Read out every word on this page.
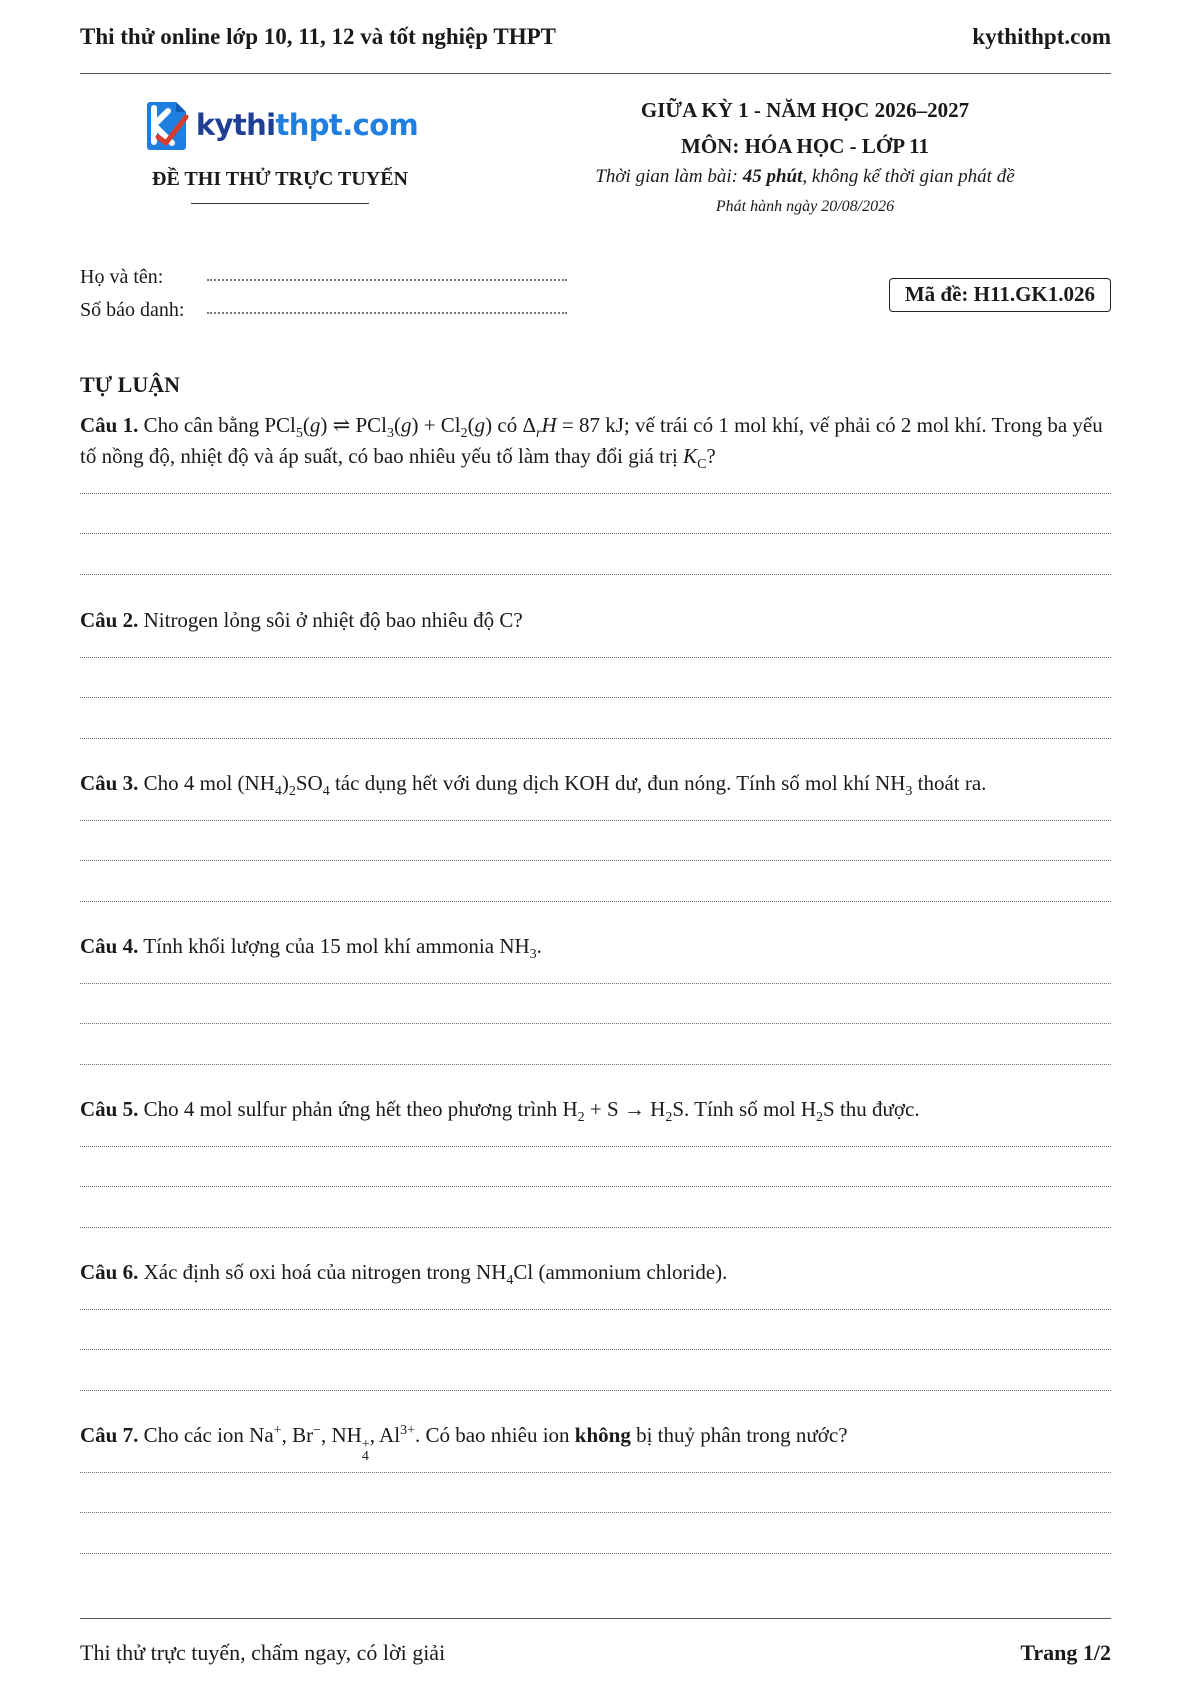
Thi thử online lớp 10, 11, 12 và tốt nghiệp THPT	kythithpt.com
kythithpt.com
ĐỀ THI THỬ TRỰC TUYẾN
GIỮA KỲ 1 - NĂM HỌC 2026–2027
MÔN: HÓA HỌC - LỚP 11
Thời gian làm bài: 45 phút, không kể thời gian phát đề
Phát hành ngày 20/08/2026
Họ và tên:
Số báo danh:
Mã đề: H11.GK1.026
TỰ LUẬN
Câu 1. Cho cân bằng PCl$_5$(g) ⇌ $PCl_3(g) + Cl_2(g)$ có $\Delta_rH = 87$ kJ; vế trái có 1 mol khí, vế phải có 2 mol khí. Trong ba yếu tố nồng độ, nhiệt độ và áp suất, có bao nhiêu yếu tố làm thay đổi giá trị $K_C$?
Câu 2. Nitrogen lỏng sôi ở nhiệt độ bao nhiêu độ C?
Câu 3. Cho 4 mol $(NH_4)_2SO_4$ tác dụng hết với dung dịch KOH dư, đun nóng. Tính số mol khí $NH_3$ thoát ra.
Câu 4. Tính khối lượng của 15 mol khí ammonia $NH_3$.
Câu 5. Cho 4 mol sulfur phản ứng hết theo phương trình $H_2 + S \to H_2S$. Tính số mol $H_2S$ thu được.
Câu 6. Xác định số oxi hoá của nitrogen trong $NH_4Cl$ (ammonium chloride).
Câu 7. Cho các ion Na+, Br−, NH +
4
, $Al^{3+}$. Có bao nhiêu ion không bị thuỷ phân trong nước?
Thi thử trực tuyến, chấm ngay, có lời giải	Trang 1/2
